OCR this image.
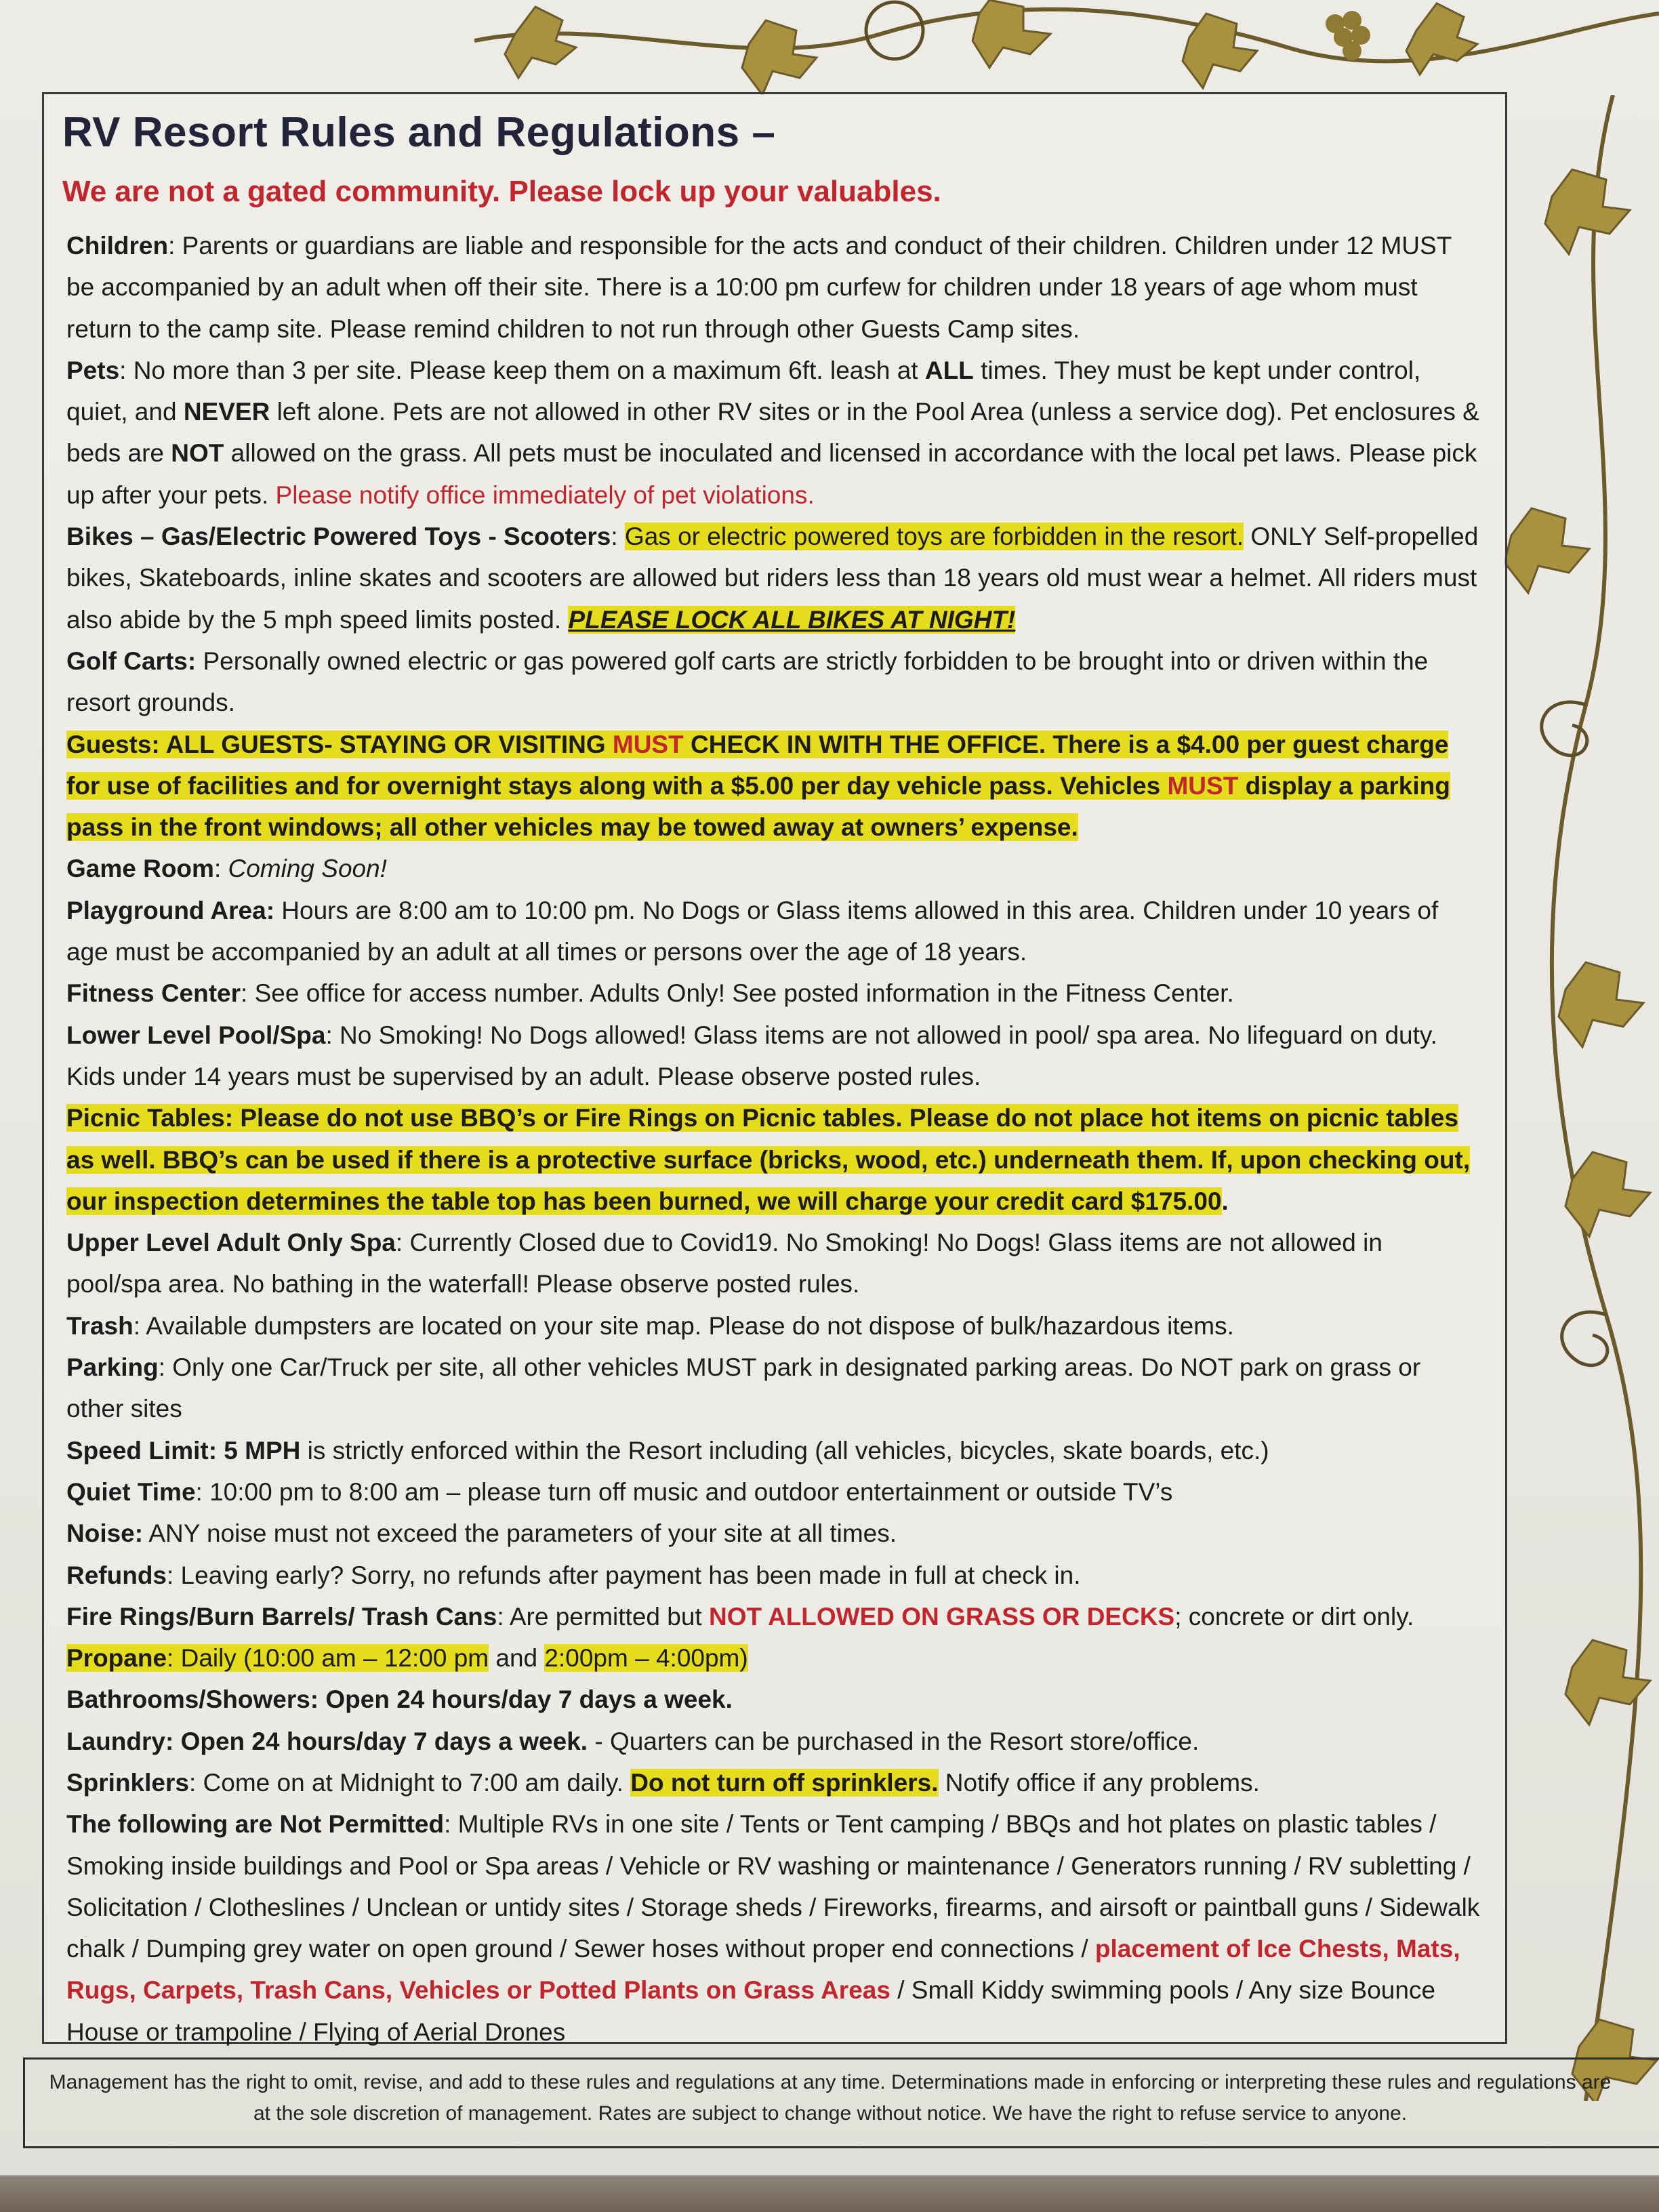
RV Resort Rules and Regulations –
We are not a gated community. Please lock up your valuables.

Children: Parents or guardians are liable and responsible for the acts and conduct of their children. Children under 12 MUST be accompanied by an adult when off their site. There is a 10:00 pm curfew for children under 18 years of age whom must return to the camp site. Please remind children to not run through other Guests Camp sites.

Pets: No more than 3 per site. Please keep them on a maximum 6ft. leash at ALL times. They must be kept under control, quiet, and NEVER left alone. Pets are not allowed in other RV sites or in the Pool Area (unless a service dog). Pet enclosures & beds are NOT allowed on the grass. All pets must be inoculated and licensed in accordance with the local pet laws. Please pick up after your pets. Please notify office immediately of pet violations.

Bikes – Gas/Electric Powered Toys - Scooters: Gas or electric powered toys are forbidden in the resort. ONLY Self-propelled bikes, Skateboards, inline skates and scooters are allowed but riders less than 18 years old must wear a helmet. All riders must also abide by the 5 mph speed limits posted. PLEASE LOCK ALL BIKES AT NIGHT!

Golf Carts: Personally owned electric or gas powered golf carts are strictly forbidden to be brought into or driven within the resort grounds.

Guests: ALL GUESTS- STAYING OR VISITING MUST CHECK IN WITH THE OFFICE. There is a $4.00 per guest charge for use of facilities and for overnight stays along with a $5.00 per day vehicle pass. Vehicles MUST display a parking pass in the front windows; all other vehicles may be towed away at owners’ expense.

Game Room: Coming Soon!

Playground Area: Hours are 8:00 am to 10:00 pm. No Dogs or Glass items allowed in this area. Children under 10 years of age must be accompanied by an adult at all times or persons over the age of 18 years.

Fitness Center: See office for access number. Adults Only! See posted information in the Fitness Center.

Lower Level Pool/Spa: No Smoking! No Dogs allowed! Glass items are not allowed in pool/ spa area. No lifeguard on duty. Kids under 14 years must be supervised by an adult. Please observe posted rules.

Picnic Tables: Please do not use BBQ’s or Fire Rings on Picnic tables. Please do not place hot items on picnic tables as well. BBQ’s can be used if there is a protective surface (bricks, wood, etc.) underneath them. If, upon checking out, our inspection determines the table top has been burned, we will charge your credit card $175.00.

Upper Level Adult Only Spa: Currently Closed due to Covid19. No Smoking! No Dogs! Glass items are not allowed in pool/spa area. No bathing in the waterfall! Please observe posted rules.

Trash: Available dumpsters are located on your site map. Please do not dispose of bulk/hazardous items.

Parking: Only one Car/Truck per site, all other vehicles MUST park in designated parking areas. Do NOT park on grass or other sites

Speed Limit: 5 MPH is strictly enforced within the Resort including (all vehicles, bicycles, skate boards, etc.)

Quiet Time: 10:00 pm to 8:00 am – please turn off music and outdoor entertainment or outside TV’s

Noise: ANY noise must not exceed the parameters of your site at all times.

Refunds: Leaving early? Sorry, no refunds after payment has been made in full at check in.

Fire Rings/Burn Barrels/ Trash Cans: Are permitted but NOT ALLOWED ON GRASS OR DECKS; concrete or dirt only.

Propane: Daily (10:00 am – 12:00 pm and 2:00pm – 4:00pm)

Bathrooms/Showers: Open 24 hours/day 7 days a week.

Laundry: Open 24 hours/day 7 days a week. - Quarters can be purchased in the Resort store/office.

Sprinklers: Come on at Midnight to 7:00 am daily. Do not turn off sprinklers. Notify office if any problems.

The following are Not Permitted: Multiple RVs in one site / Tents or Tent camping / BBQs and hot plates on plastic tables / Smoking inside buildings and Pool or Spa areas / Vehicle or RV washing or maintenance / Generators running / RV subletting / Solicitation / Clotheslines / Unclean or untidy sites / Storage sheds / Fireworks, firearms, and airsoft or paintball guns / Sidewalk chalk / Dumping grey water on open ground / Sewer hoses without proper end connections / placement of Ice Chests, Mats, Rugs, Carpets, Trash Cans, Vehicles or Potted Plants on Grass Areas / Small Kiddy swimming pools / Any size Bounce House or trampoline / Flying of Aerial Drones

Management has the right to omit, revise, and add to these rules and regulations at any time. Determinations made in enforcing or interpreting these rules and regulations are at the sole discretion of management. Rates are subject to change without notice. We have the right to refuse service to anyone.
